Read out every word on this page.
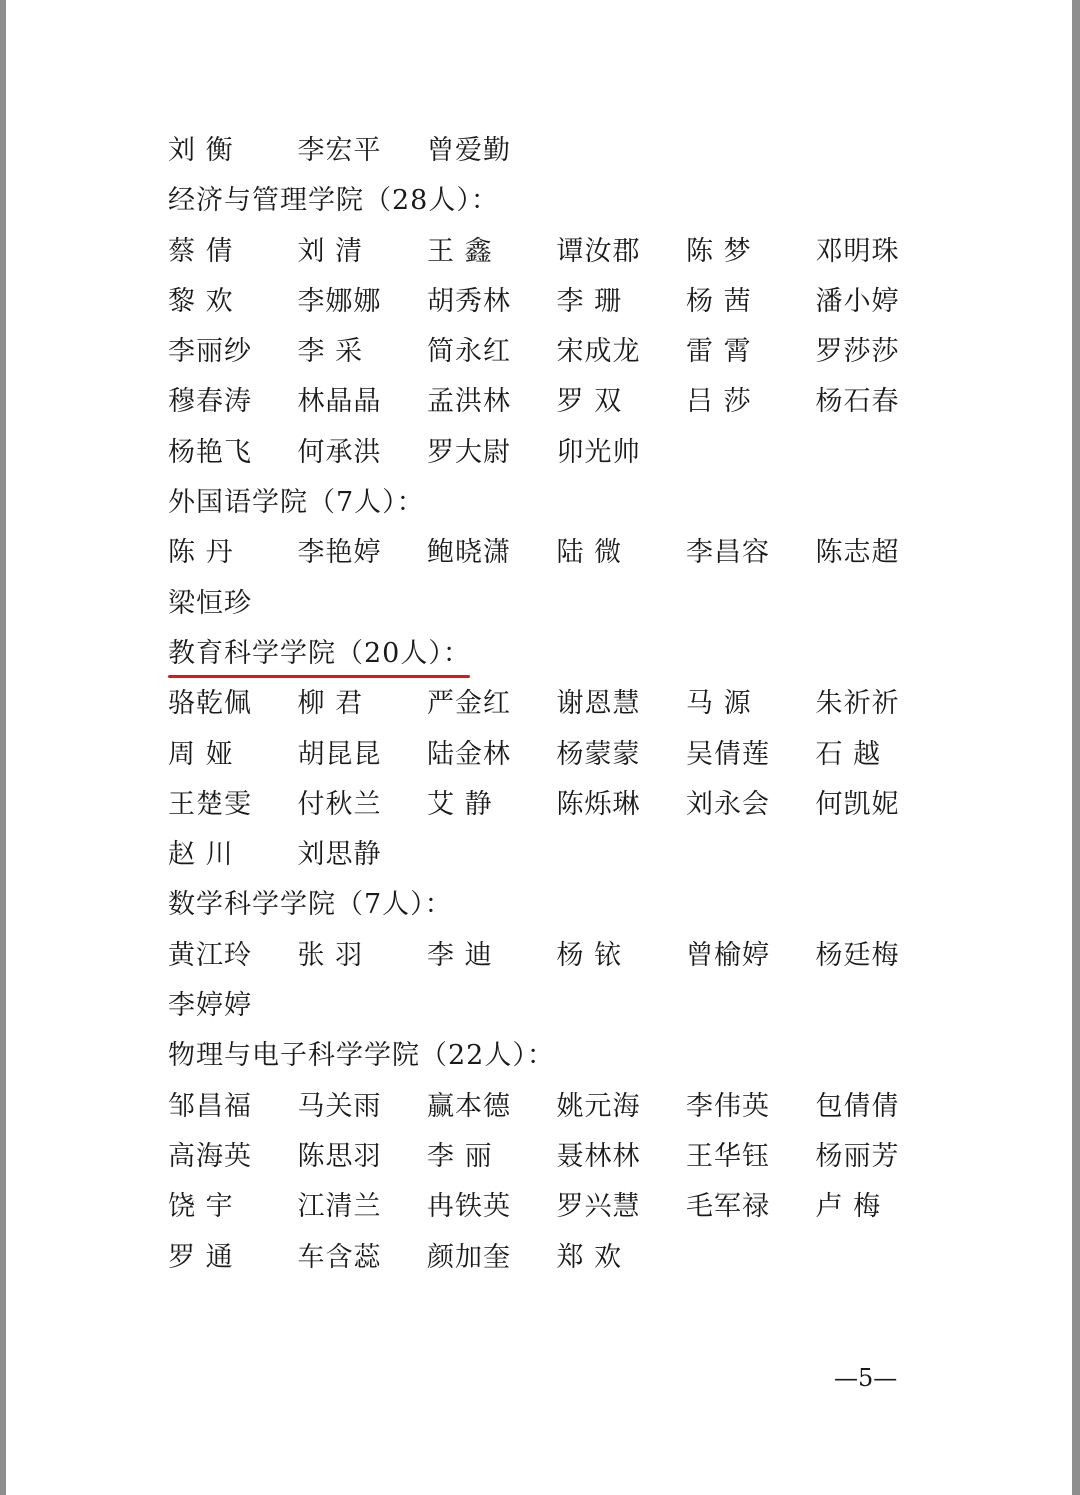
刘 衡	李宏平	曾爱勤
经济与管理学院（28人）：
蔡 倩	刘 清	王 鑫	谭汝郡	陈 梦	邓明珠
黎 欢	李娜娜	胡秀林	李 珊	杨 茜	潘小婷
李丽纱	李 采	简永红	宋成龙	雷 霄	罗莎莎
穆春涛	林晶晶	孟洪林	罗 双	吕 莎	杨石春
杨艳飞	何承洪	罗大尉	卯光帅
外国语学院（7人）：
陈 丹	李艳婷	鲍晓潇	陆 微	李昌容	陈志超
梁恒珍
教育科学学院（20人）：
骆乾佩	柳 君	严金红	谢恩慧	马 源	朱祈祈
周 娅	胡昆昆	陆金林	杨蒙蒙	吴倩莲	石 越
王楚雯	付秋兰	艾 静	陈烁琳	刘永会	何凯妮
赵 川	刘思静
数学科学学院（7人）：
黄江玲	张 羽	李 迪	杨 铱	曾榆婷	杨廷梅
李婷婷
物理与电子科学学院（22人）：
邹昌福	马关雨	赢本德	姚元海	李伟英	包倩倩
高海英	陈思羽	李 丽	聂林林	王华钰	杨丽芳
饶 宇	江清兰	冉铁英	罗兴慧	毛军禄	卢 梅
罗 通	车含蕊	颜加奎	郑 欢
—5—
